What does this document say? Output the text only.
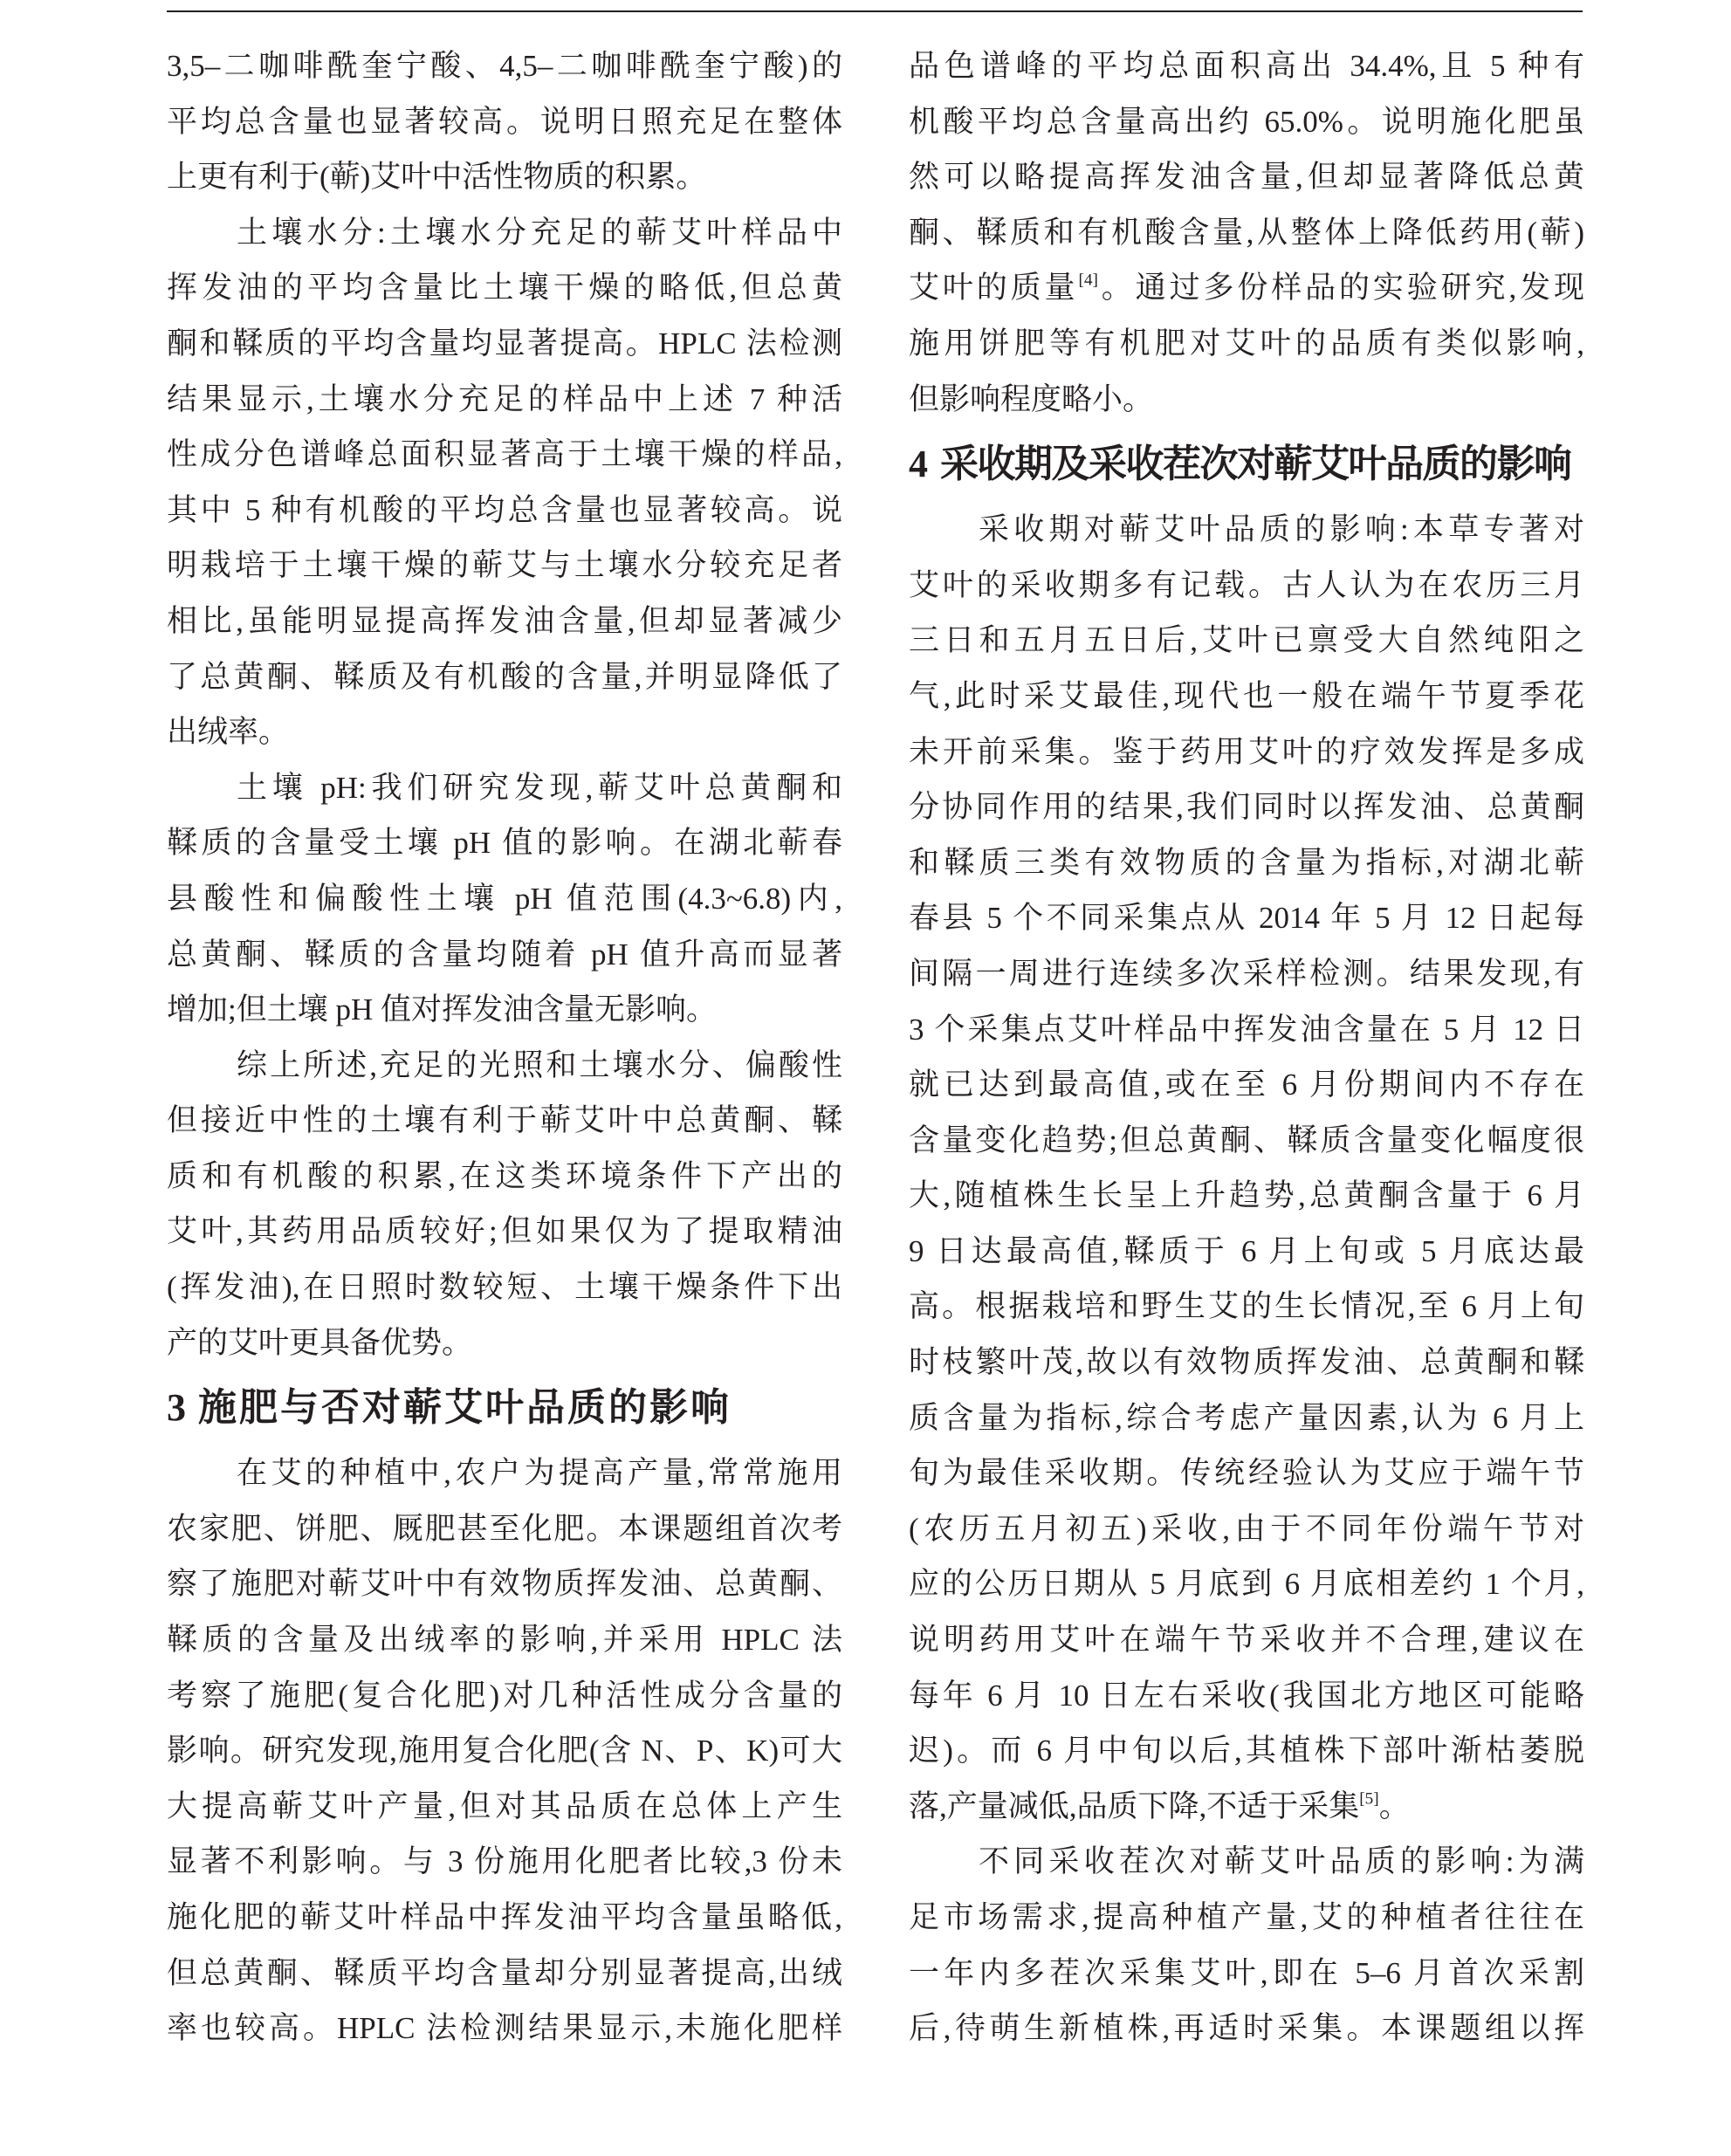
3,5–二咖啡酰奎宁酸、4,5–二咖啡酰奎宁酸)的
平均总含量也显著较高。说明日照充足在整体
上更有利于(蕲)艾叶中活性物质的积累。
土壤水分:土壤水分充足的蕲艾叶样品中
挥发油的平均含量比土壤干燥的略低,但总黄
酮和鞣质的平均含量均显著提高。HPLC 法检测
结果显示,土壤水分充足的样品中上述 7 种活
性成分色谱峰总面积显著高于土壤干燥的样品,
其中 5 种有机酸的平均总含量也显著较高。说
明栽培于土壤干燥的蕲艾与土壤水分较充足者
相比,虽能明显提高挥发油含量,但却显著减少
了总黄酮、鞣质及有机酸的含量,并明显降低了
出绒率。
土壤 pH:我们研究发现,蕲艾叶总黄酮和
鞣质的含量受土壤 pH 值的影响。在湖北蕲春
县酸性和偏酸性土壤 pH 值范围(4.3~6.8)内,
总黄酮、鞣质的含量均随着 pH 值升高而显著
增加;但土壤 pH 值对挥发油含量无影响。
综上所述,充足的光照和土壤水分、偏酸性
但接近中性的土壤有利于蕲艾叶中总黄酮、鞣
质和有机酸的积累,在这类环境条件下产出的
艾叶,其药用品质较好;但如果仅为了提取精油
(挥发油),在日照时数较短、土壤干燥条件下出
产的艾叶更具备优势。
3 施肥与否对蕲艾叶品质的影响
在艾的种植中,农户为提高产量,常常施用
农家肥、饼肥、厩肥甚至化肥。本课题组首次考
察了施肥对蕲艾叶中有效物质挥发油、总黄酮、
鞣质的含量及出绒率的影响,并采用 HPLC 法
考察了施肥(复合化肥)对几种活性成分含量的
影响。研究发现,施用复合化肥(含 N、P、K)可大
大提高蕲艾叶产量,但对其品质在总体上产生
显著不利影响。与 3 份施用化肥者比较,3 份未
施化肥的蕲艾叶样品中挥发油平均含量虽略低,
但总黄酮、鞣质平均含量却分别显著提高,出绒
率也较高。HPLC 法检测结果显示,未施化肥样
品色谱峰的平均总面积高出 34.4%,且 5 种有
机酸平均总含量高出约 65.0%。说明施化肥虽
然可以略提高挥发油含量,但却显著降低总黄
酮、鞣质和有机酸含量,从整体上降低药用(蕲)
艾叶的质量[4]。通过多份样品的实验研究,发现
施用饼肥等有机肥对艾叶的品质有类似影响,
但影响程度略小。
4 采收期及采收茬次对蕲艾叶品质的影响
采收期对蕲艾叶品质的影响:本草专著对
艾叶的采收期多有记载。古人认为在农历三月
三日和五月五日后,艾叶已禀受大自然纯阳之
气,此时采艾最佳,现代也一般在端午节夏季花
未开前采集。鉴于药用艾叶的疗效发挥是多成
分协同作用的结果,我们同时以挥发油、总黄酮
和鞣质三类有效物质的含量为指标,对湖北蕲
春县 5 个不同采集点从 2014 年 5 月 12 日起每
间隔一周进行连续多次采样检测。结果发现,有
3 个采集点艾叶样品中挥发油含量在 5 月 12 日
就已达到最高值,或在至 6 月份期间内不存在
含量变化趋势;但总黄酮、鞣质含量变化幅度很
大,随植株生长呈上升趋势,总黄酮含量于 6 月
9 日达最高值,鞣质于 6 月上旬或 5 月底达最
高。根据栽培和野生艾的生长情况,至 6 月上旬
时枝繁叶茂,故以有效物质挥发油、总黄酮和鞣
质含量为指标,综合考虑产量因素,认为 6 月上
旬为最佳采收期。传统经验认为艾应于端午节
(农历五月初五)采收,由于不同年份端午节对
应的公历日期从 5 月底到 6 月底相差约 1 个月,
说明药用艾叶在端午节采收并不合理,建议在
每年 6 月 10 日左右采收(我国北方地区可能略
迟)。而 6 月中旬以后,其植株下部叶渐枯萎脱
落,产量减低,品质下降,不适于采集[5]。
不同采收茬次对蕲艾叶品质的影响:为满
足市场需求,提高种植产量,艾的种植者往往在
一年内多茬次采集艾叶,即在 5–6 月首次采割
后,待萌生新植株,再适时采集。本课题组以挥
